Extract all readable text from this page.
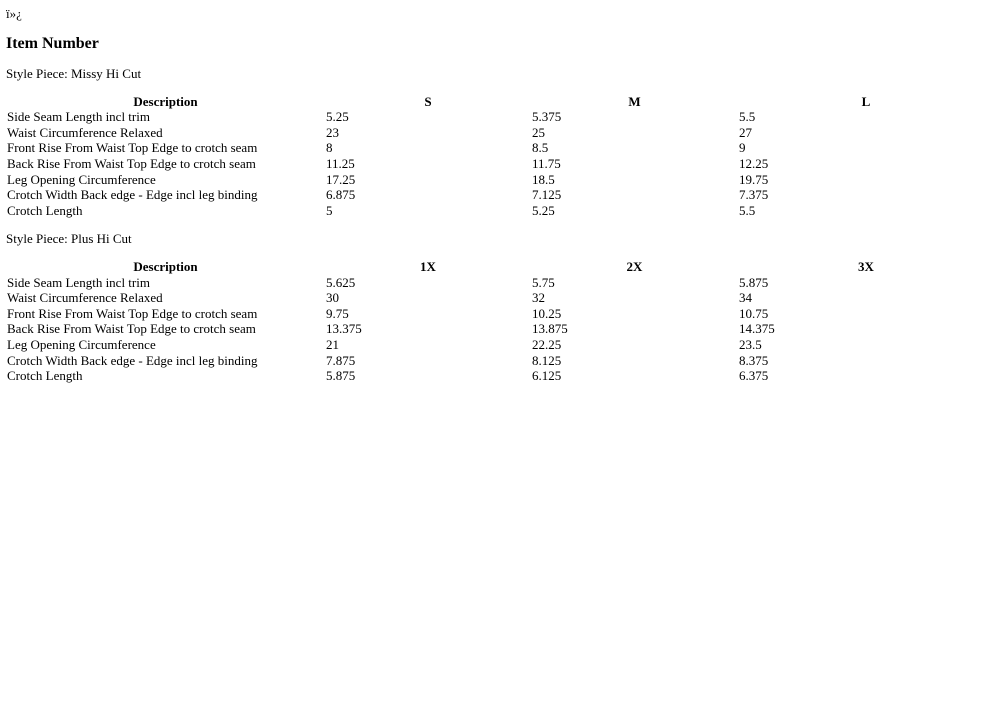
ï»¿
Item Number

Style Piece: Missy Hi Cut

Description	S	M	L
Side Seam Length incl trim	5.25	5.375	5.5
Waist Circumference Relaxed	23	25	27
Front Rise From Waist Top Edge to crotch seam	8	8.5	9
Back Rise From Waist Top Edge to crotch seam	11.25	11.75	12.25
Leg Opening Circumference	17.25	18.5	19.75
Crotch Width Back edge - Edge incl leg binding	6.875	7.125	7.375
Crotch Length	5	5.25	5.5

Style Piece: Plus Hi Cut

Description	1X	2X	3X
Side Seam Length incl trim	5.625	5.75	5.875
Waist Circumference Relaxed	30	32	34
Front Rise From Waist Top Edge to crotch seam	9.75	10.25	10.75
Back Rise From Waist Top Edge to crotch seam	13.375	13.875	14.375
Leg Opening Circumference	21	22.25	23.5
Crotch Width Back edge - Edge incl leg binding	7.875	8.125	8.375
Crotch Length	5.875	6.125	6.375
